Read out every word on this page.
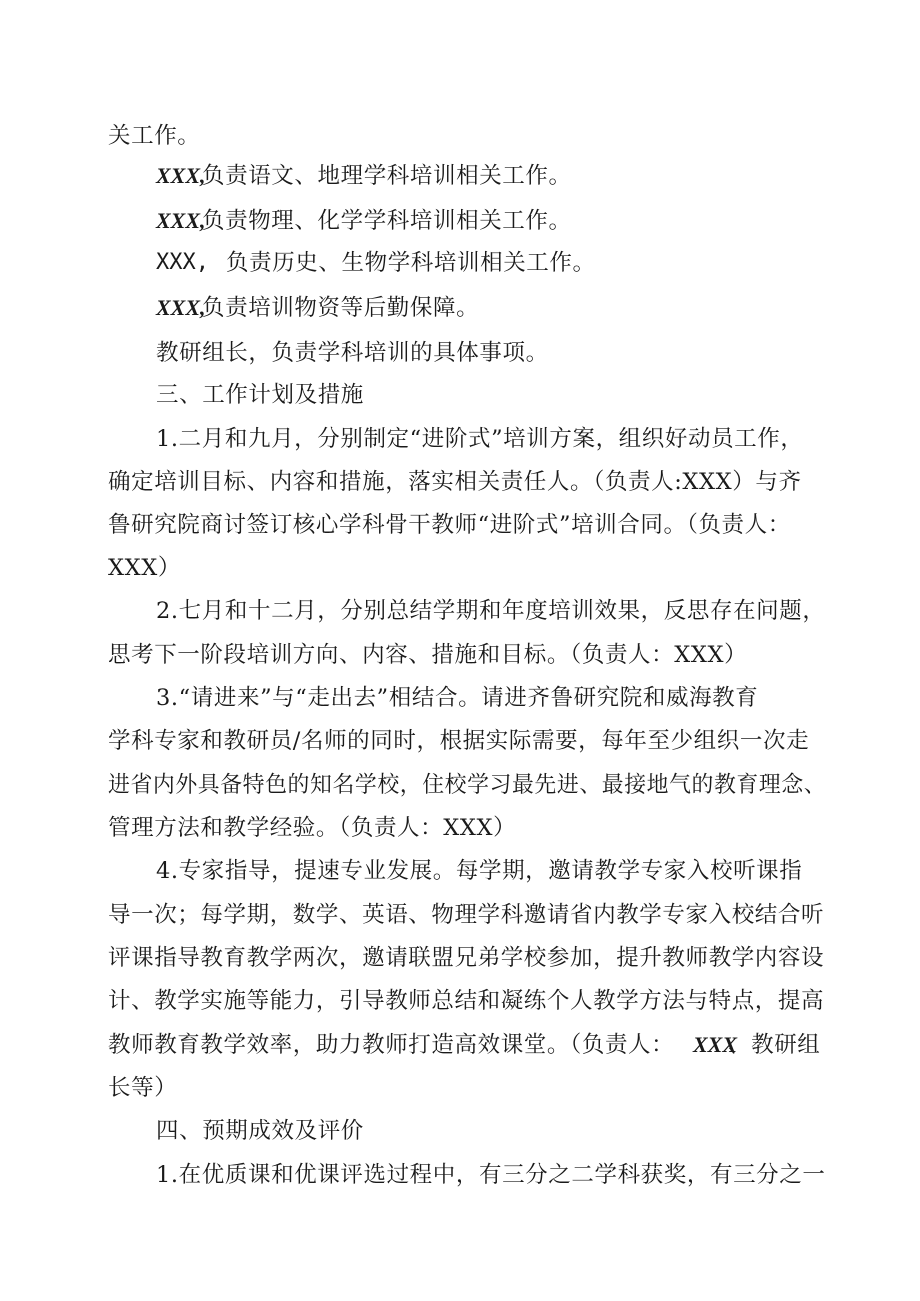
关工作。
XXX,
负责语文、地理学科培训相关工作。
XXX,
负责物理、化学学科培训相关工作。
XXX, 负责历史、生物学科培训相关工作。
XXX,
负责培训物资等后勤保障。
教研组长，负责学科培训的具体事项。
三、工作计划及措施
1.二月和九月，分别制定“进阶式”培训方案，组织好动员工作，
确定培训目标、内容和措施，落实相关责任人。（负责人:XXX）与齐
鲁研究院商讨签订核心学科骨干教师“进阶式”培训合同。（负责人：
XXX）
2.七月和十二月，分别总结学期和年度培训效果，反思存在问题，
思考下一阶段培训方向、内容、措施和目标。（负责人：XXX）
3.“请进来”与“走出去”相结合。请进齐鲁研究院和威海教育
学科专家和教研员/名师的同时，根据实际需要，每年至少组织一次走
进省内外具备特色的知名学校，住校学习最先进、最接地气的教育理念、
管理方法和教学经验。（负责人：XXX）
4.专家指导，提速专业发展。每学期，邀请教学专家入校听课指
导一次；每学期，数学、英语、物理学科邀请省内教学专家入校结合听
评课指导教育教学两次，邀请联盟兄弟学校参加，提升教师教学内容设
计、教学实施等能力，引导教师总结和凝练个人教学方法与特点，提高
教师教育教学效率，助力教师打造高效课堂。（负责人： XXX
、教研组
长等）
四、预期成效及评价
1.在优质课和优课评选过程中，有三分之二学科获奖，有三分之一
